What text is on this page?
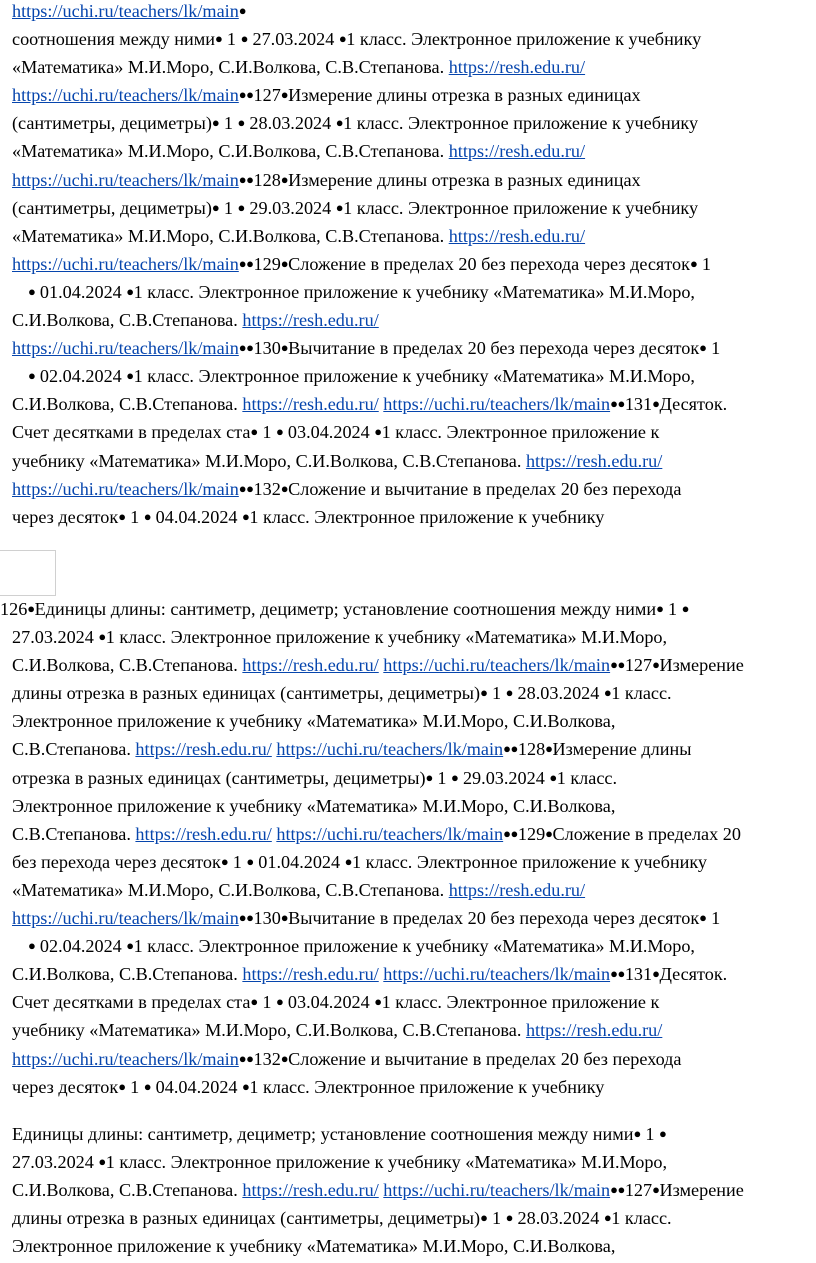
https://uchi.ru/teachers/lk/main●
соотношения между ними● 1 ● 27.03.2024 ●1 класс. Электронное приложение к учебнику
«Математика» М.И.Моро, С.И.Волкова, С.В.Степанова. https://resh.edu.ru/
https://uchi.ru/teachers/lk/main●●127●Измерение длины отрезка в разных единицах
(сантиметры, дециметры)● 1 ● 28.03.2024 ●1 класс. Электронное приложение к учебнику
«Математика» М.И.Моро, С.И.Волкова, С.В.Степанова. https://resh.edu.ru/
https://uchi.ru/teachers/lk/main●●128●Измерение длины отрезка в разных единицах
(сантиметры, дециметры)● 1 ● 29.03.2024 ●1 класс. Электронное приложение к учебнику
«Математика» М.И.Моро, С.И.Волкова, С.В.Степанова. https://resh.edu.ru/
https://uchi.ru/teachers/lk/main●●129●Сложение в пределах 20 без перехода через десяток● 1
● 01.04.2024 ●1 класс. Электронное приложение к учебнику «Математика» М.И.Моро,
С.И.Волкова, С.В.Степанова. https://resh.edu.ru/
https://uchi.ru/teachers/lk/main●●130●Вычитание в пределах 20 без перехода через десяток● 1
● 02.04.2024 ●1 класс. Электронное приложение к учебнику «Математика» М.И.Моро,
С.И.Волкова, С.В.Степанова. https://resh.edu.ru/ https://uchi.ru/teachers/lk/main●●131●Десяток.
Счет десятками в пределах ста● 1 ● 03.04.2024 ●1 класс. Электронное приложение к
учебнику «Математика» М.И.Моро, С.И.Волкова, С.В.Степанова. https://resh.edu.ru/
https://uchi.ru/teachers/lk/main●●132●Сложение и вычитание в пределах 20 без перехода
через десяток● 1 ● 04.04.2024 ●1 класс. Электронное приложение к учебнику
126●Единицы длины: сантиметр, дециметр; установление соотношения между ними● 1 ●
27.03.2024 ●1 класс. Электронное приложение к учебнику «Математика» М.И.Моро,
С.И.Волкова, С.В.Степанова. https://resh.edu.ru/ https://uchi.ru/teachers/lk/main●●127●Измерение
длины отрезка в разных единицах (сантиметры, дециметры)● 1 ● 28.03.2024 ●1 класс.
Электронное приложение к учебнику «Математика» М.И.Моро, С.И.Волкова,
С.В.Степанова. https://resh.edu.ru/ https://uchi.ru/teachers/lk/main●●128●Измерение длины
отрезка в разных единицах (сантиметры, дециметры)● 1 ● 29.03.2024 ●1 класс.
Электронное приложение к учебнику «Математика» М.И.Моро, С.И.Волкова,
С.В.Степанова. https://resh.edu.ru/ https://uchi.ru/teachers/lk/main●●129●Сложение в пределах 20
без перехода через десяток● 1 ● 01.04.2024 ●1 класс. Электронное приложение к учебнику
«Математика» М.И.Моро, С.И.Волкова, С.В.Степанова. https://resh.edu.ru/
https://uchi.ru/teachers/lk/main●●130●Вычитание в пределах 20 без перехода через десяток● 1
● 02.04.2024 ●1 класс. Электронное приложение к учебнику «Математика» М.И.Моро,
С.И.Волкова, С.В.Степанова. https://resh.edu.ru/ https://uchi.ru/teachers/lk/main●●131●Десяток.
Счет десятками в пределах ста● 1 ● 03.04.2024 ●1 класс. Электронное приложение к
учебнику «Математика» М.И.Моро, С.И.Волкова, С.В.Степанова. https://resh.edu.ru/
https://uchi.ru/teachers/lk/main●●132●Сложение и вычитание в пределах 20 без перехода
через десяток● 1 ● 04.04.2024 ●1 класс. Электронное приложение к учебнику
Единицы длины: сантиметр, дециметр; установление соотношения между ними● 1 ●
27.03.2024 ●1 класс. Электронное приложение к учебнику «Математика» М.И.Моро,
С.И.Волкова, С.В.Степанова. https://resh.edu.ru/ https://uchi.ru/teachers/lk/main●●127●Измерение
длины отрезка в разных единицах (сантиметры, дециметры)● 1 ● 28.03.2024 ●1 класс.
Электронное приложение к учебнику «Математика» М.И.Моро, С.И.Волкова,
